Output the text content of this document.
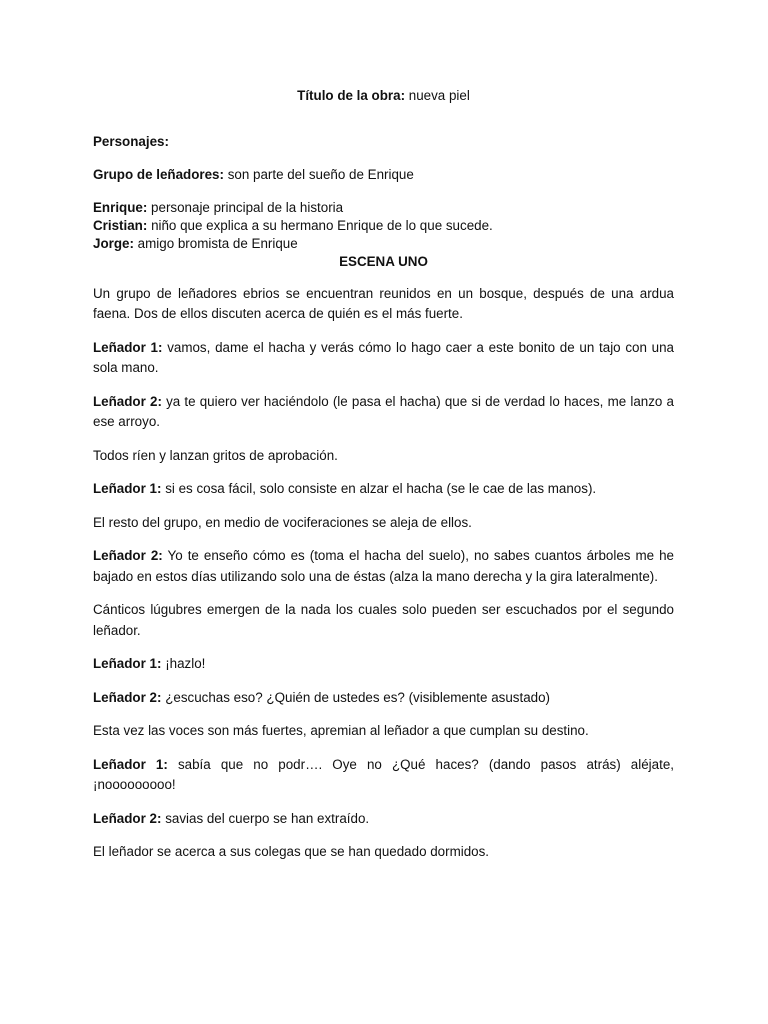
Título de la obra: nueva piel

Personajes:

Grupo de leñadores: son parte del sueño de Enrique

Enrique: personaje principal de la historia
Cristian: niño que explica a su hermano Enrique de lo que sucede.
Jorge: amigo bromista de Enrique
ESCENA UNO

Un grupo de leñadores ebrios se encuentran reunidos en un bosque, después de una ardua faena. Dos de ellos discuten acerca de quién es el más fuerte.

Leñador 1: vamos, dame el hacha y verás cómo lo hago caer a este bonito de un tajo con una sola mano.

Leñador 2: ya te quiero ver haciéndolo (le pasa el hacha) que si de verdad lo haces, me lanzo a ese arroyo.

Todos ríen y lanzan gritos de aprobación.

Leñador 1: si es cosa fácil, solo consiste en alzar el hacha (se le cae de las manos).

El resto del grupo, en medio de vociferaciones se aleja de ellos.

Leñador 2: Yo te enseño cómo es (toma el hacha del suelo), no sabes cuantos árboles me he bajado en estos días utilizando solo una de éstas (alza la mano derecha y la gira lateralmente).

Cánticos lúgubres emergen de la nada los cuales solo pueden ser escuchados por el segundo leñador.

Leñador 1: ¡hazlo!

Leñador 2: ¿escuchas eso? ¿Quién de ustedes es? (visiblemente asustado)

Esta vez las voces son más fuertes, apremian al leñador a que cumplan su destino.

Leñador 1: sabía que no podr…. Oye no ¿Qué haces? (dando pasos atrás) aléjate, ¡nooooooooo!

Leñador 2: savias del cuerpo se han extraído.

El leñador se acerca a sus colegas que se han quedado dormidos.
